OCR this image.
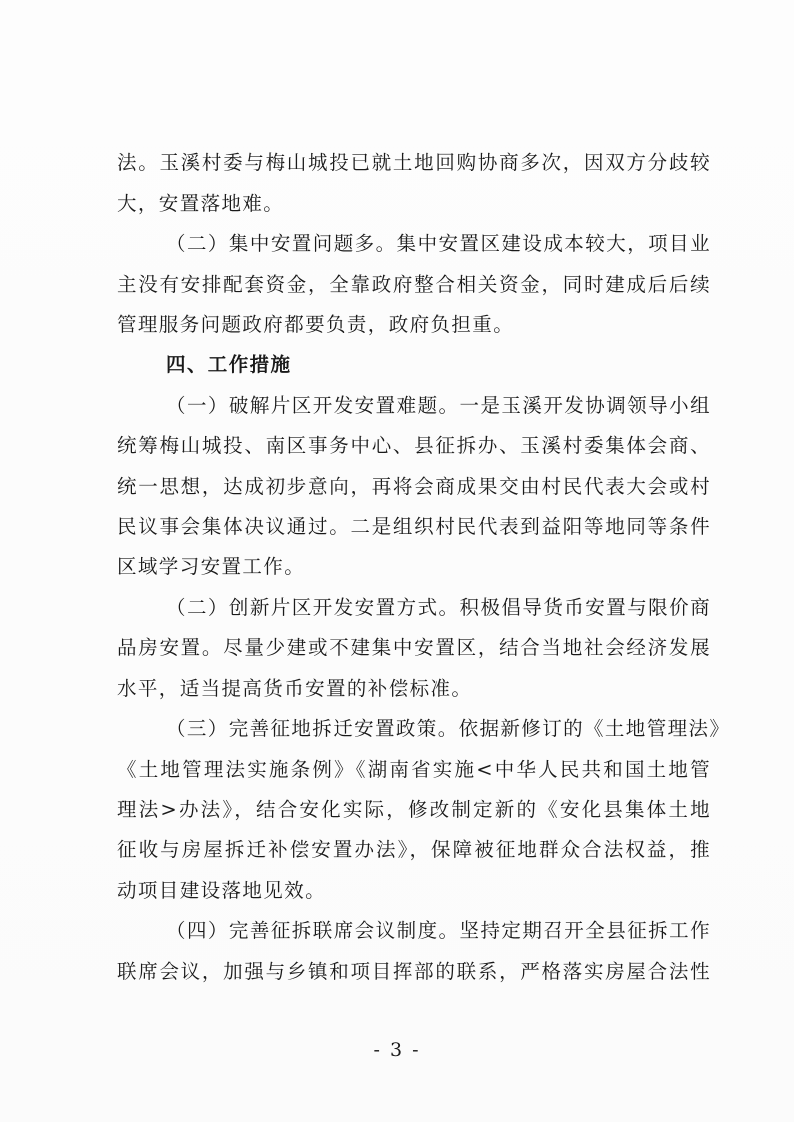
法。玉溪村委与梅山城投已就土地回购协商多次，因双方分歧较
大，安置落地难。
（二）集中安置问题多。集中安置区建设成本较大，项目业
主没有安排配套资金，全靠政府整合相关资金，同时建成后后续
管理服务问题政府都要负责，政府负担重。
四、工作措施
（一）破解片区开发安置难题。一是玉溪开发协调领导小组
统筹梅山城投、南区事务中心、县征拆办、玉溪村委集体会商、
统一思想，达成初步意向，再将会商成果交由村民代表大会或村
民议事会集体决议通过。二是组织村民代表到益阳等地同等条件
区域学习安置工作。
（二）创新片区开发安置方式。积极倡导货币安置与限价商
品房安置。尽量少建或不建集中安置区，结合当地社会经济发展
水平，适当提高货币安置的补偿标准。
（三）完善征地拆迁安置政策。依据新修订的《土地管理法》
《土地管理法实施条例》《湖南省实施<中华人民共和国土地管
理法>办法》，结合安化实际，修改制定新的《安化县集体土地
征收与房屋拆迁补偿安置办法》，保障被征地群众合法权益，推
动项目建设落地见效。
（四）完善征拆联席会议制度。坚持定期召开全县征拆工作
联席会议，加强与乡镇和项目挥部的联系，严格落实房屋合法性
- 3 -
